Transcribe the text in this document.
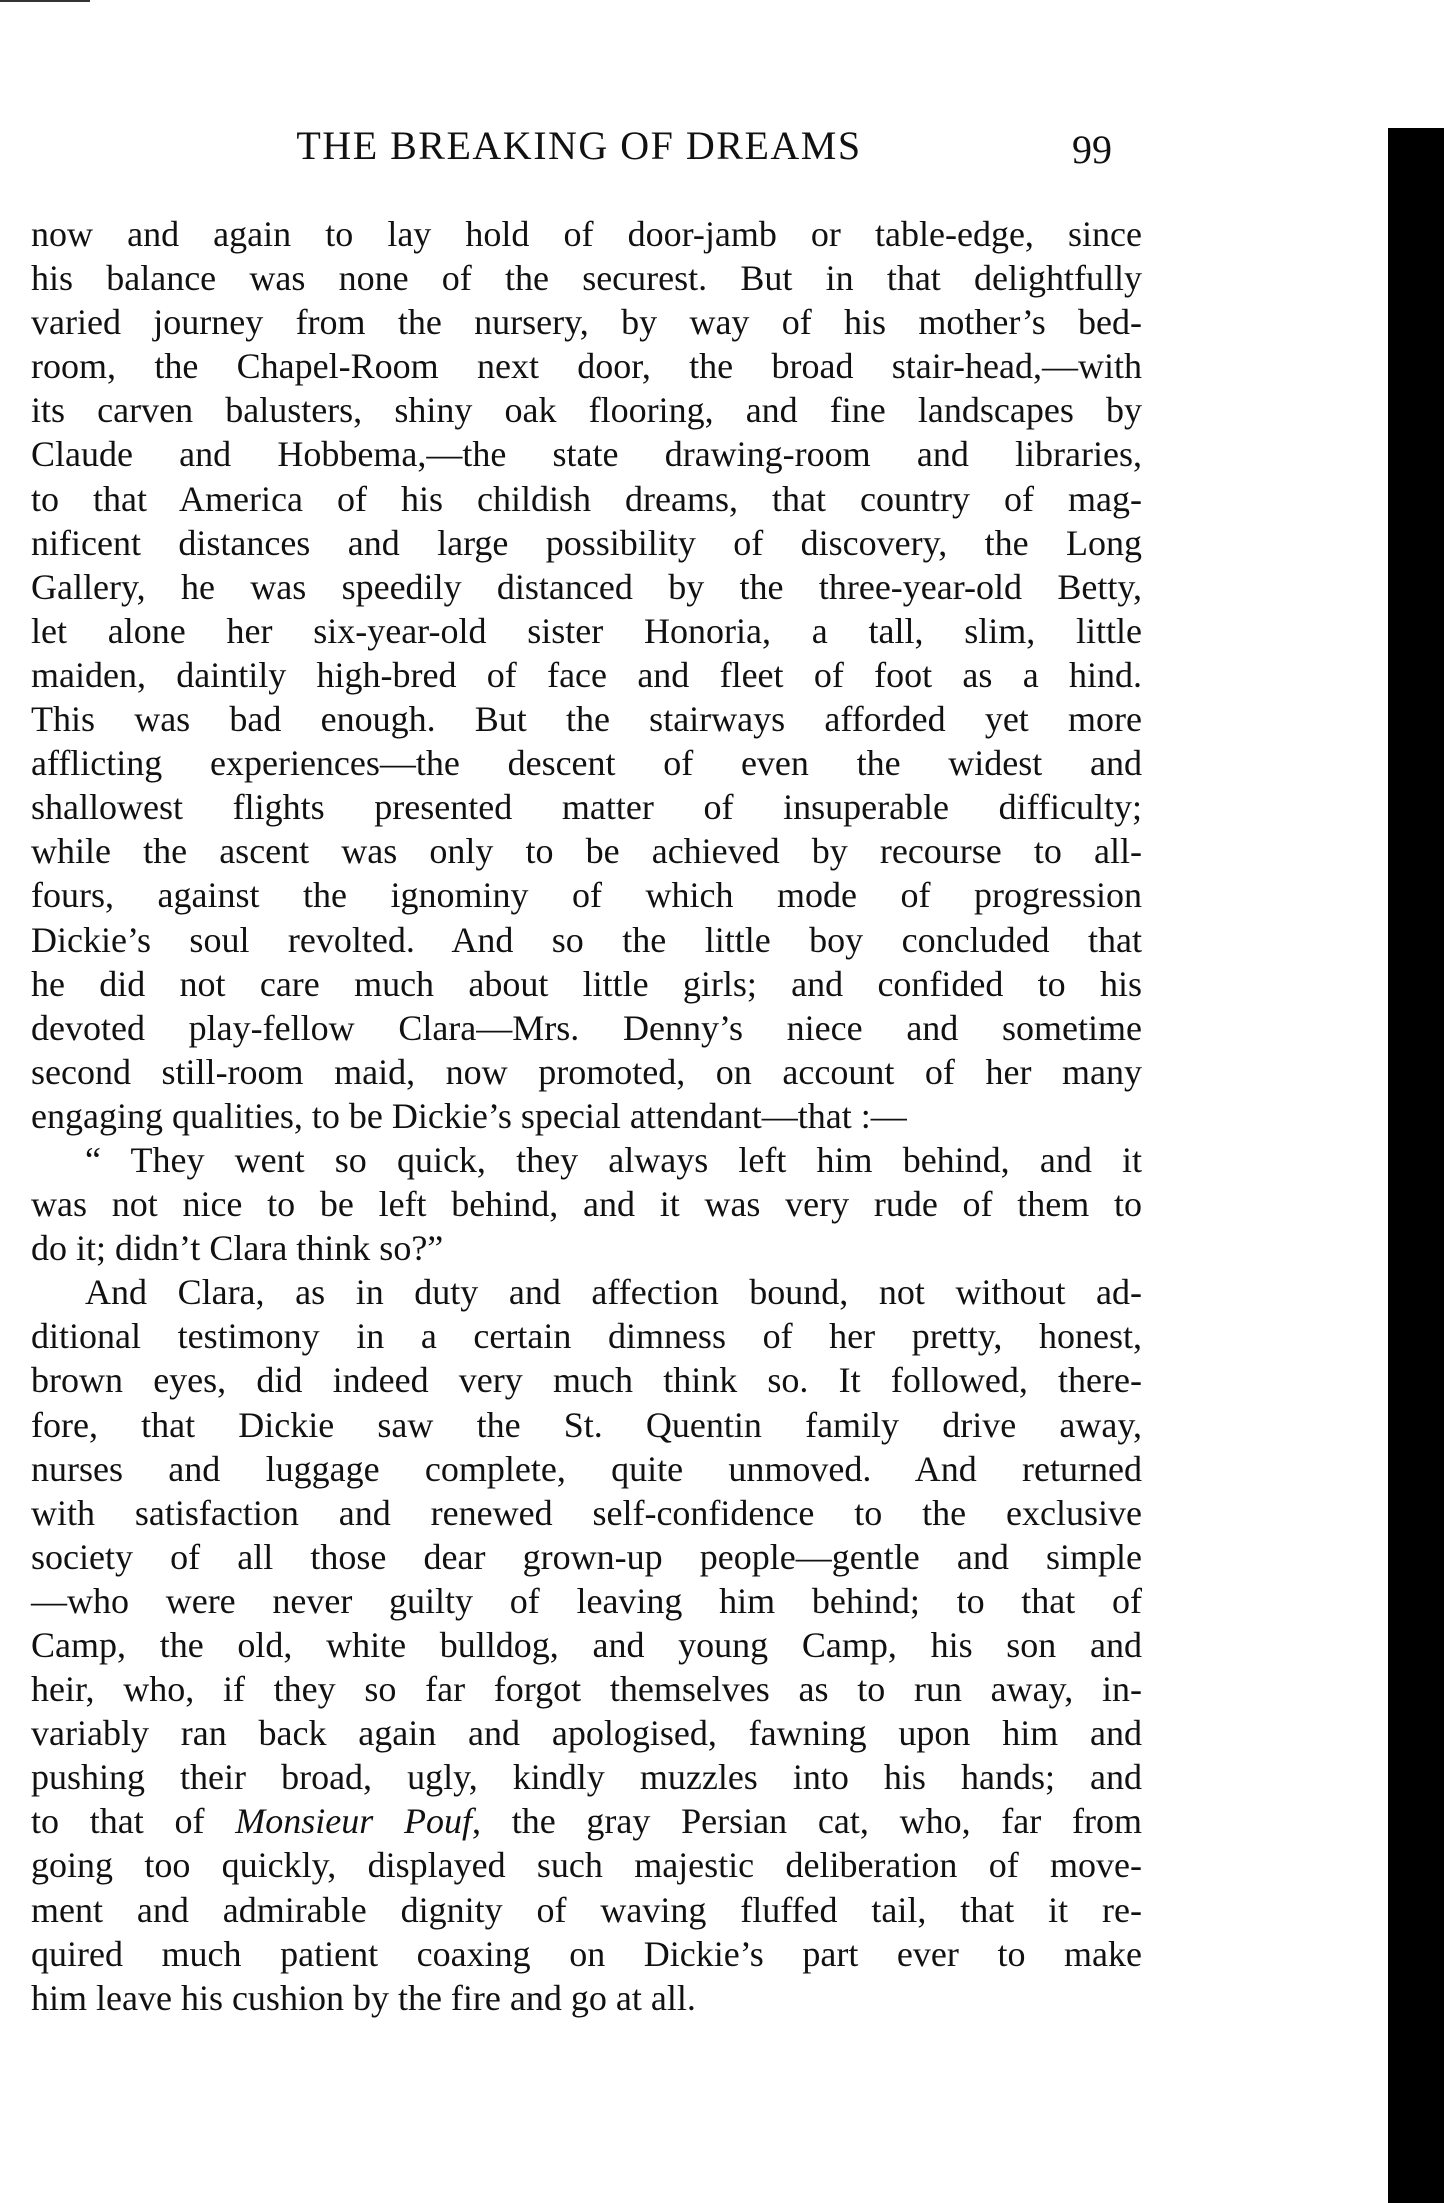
THE BREAKING OF DREAMS	99
now and again to lay hold of door-jamb or table-edge, since
his balance was none of the securest. But in that delightfully
varied journey from the nursery, by way of his mother’s bed-
room, the Chapel-Room next door, the broad stair-head,—with
its carven balusters, shiny oak flooring, and fine landscapes by
Claude and Hobbema,—the state drawing-room and libraries,
to that America of his childish dreams, that country of mag-
nificent distances and large possibility of discovery, the Long
Gallery, he was speedily distanced by the three-year-old Betty,
let alone her six-year-old sister Honoria, a tall, slim, little
maiden, daintily high-bred of face and fleet of foot as a hind.
This was bad enough. But the stairways afforded yet more
afflicting experiences—the descent of even the widest and
shallowest flights presented matter of insuperable difficulty;
while the ascent was only to be achieved by recourse to all-
fours, against the ignominy of which mode of progression
Dickie’s soul revolted. And so the little boy concluded that
he did not care much about little girls; and confided to his
devoted play-fellow Clara—Mrs. Denny’s niece and sometime
second still-room maid, now promoted, on account of her many
engaging qualities, to be Dickie’s special attendant—that :—
“ They went so quick, they always left him behind, and it
was not nice to be left behind, and it was very rude of them to
do it; didn’t Clara think so?”
And Clara, as in duty and affection bound, not without ad-
ditional testimony in a certain dimness of her pretty, honest,
brown eyes, did indeed very much think so. It followed, there-
fore, that Dickie saw the St. Quentin family drive away,
nurses and luggage complete, quite unmoved. And returned
with satisfaction and renewed self-confidence to the exclusive
society of all those dear grown-up people—gentle and simple
—who were never guilty of leaving him behind; to that of
Camp, the old, white bulldog, and young Camp, his son and
heir, who, if they so far forgot themselves as to run away, in-
variably ran back again and apologised, fawning upon him and
pushing their broad, ugly, kindly muzzles into his hands; and
to that of Monsieur Pouf, the gray Persian cat, who, far from
going too quickly, displayed such majestic deliberation of move-
ment and admirable dignity of waving fluffed tail, that it re-
quired much patient coaxing on Dickie’s part ever to make
him leave his cushion by the fire and go at all.
